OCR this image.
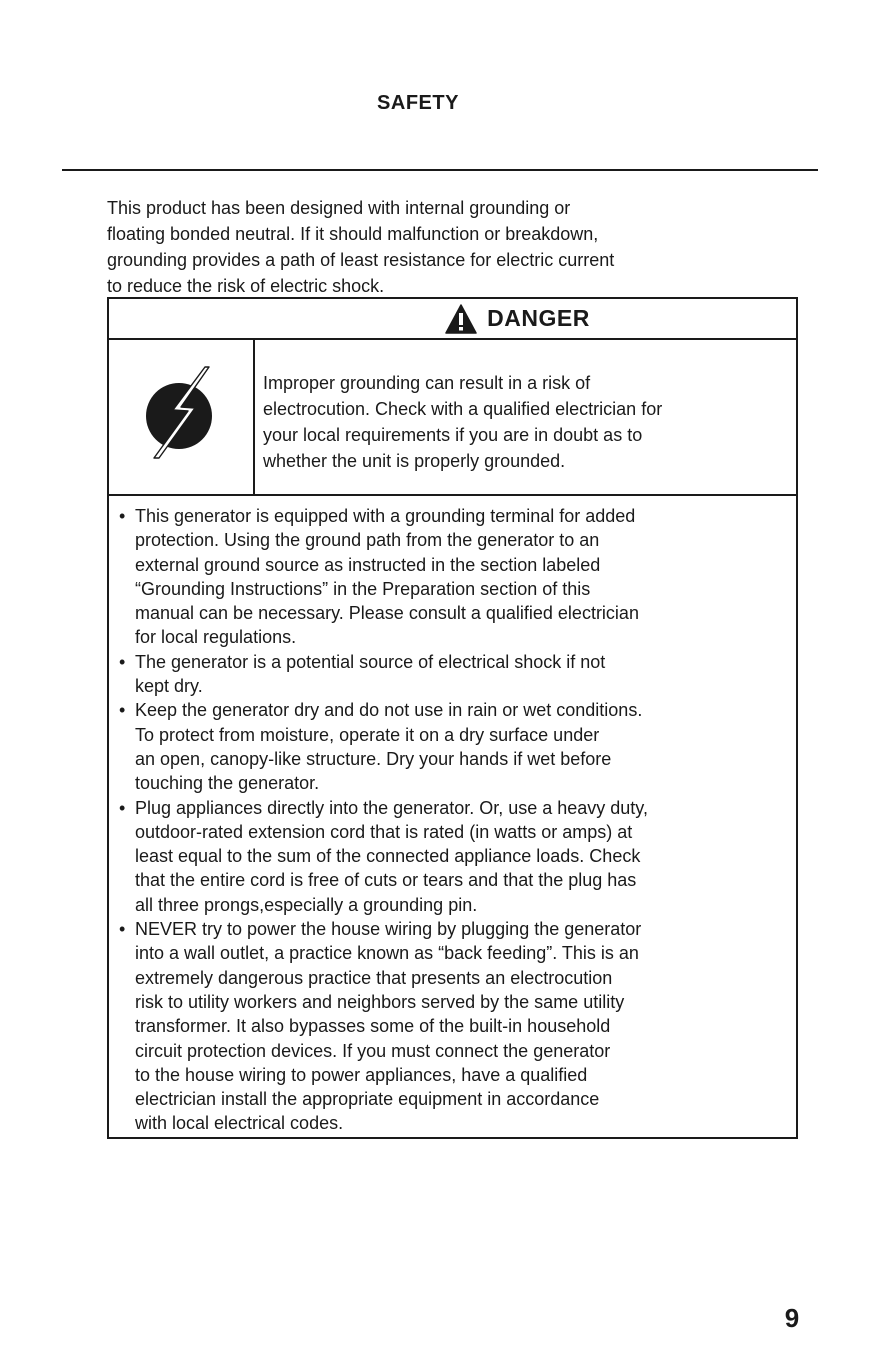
SAFETY

This product has been designed with internal grounding or
floating bonded neutral. If it should malfunction or breakdown,
grounding provides a path of least resistance for electric current
to reduce the risk of electric shock.

DANGER
Improper grounding can result in a risk of
electrocution. Check with a qualified electrician for
your local requirements if you are in doubt as to
whether the unit is properly grounded.
• This generator is equipped with a grounding terminal for added
protection. Using the ground path from the generator to an
external ground source as instructed in the section labeled
“Grounding Instructions” in the Preparation section of this
manual can be necessary. Please consult a qualified electrician
for local regulations.
• The generator is a potential source of electrical shock if not
kept dry.
• Keep the generator dry and do not use in rain or wet conditions.
To protect from moisture, operate it on a dry surface under
an open, canopy-like structure. Dry your hands if wet before
touching the generator.
• Plug appliances directly into the generator. Or, use a heavy duty,
outdoor-rated extension cord that is rated (in watts or amps) at
least equal to the sum of the connected appliance loads. Check
that the entire cord is free of cuts or tears and that the plug has
all three prongs,especially a grounding pin.
• NEVER try to power the house wiring by plugging the generator
into a wall outlet, a practice known as “back feeding”. This is an
extremely dangerous practice that presents an electrocution
risk to utility workers and neighbors served by the same utility
transformer. It also bypasses some of the built-in household
circuit protection devices. If you must connect the generator
to the house wiring to power appliances, have a qualified
electrician install the appropriate equipment in accordance
with local electrical codes.
9
